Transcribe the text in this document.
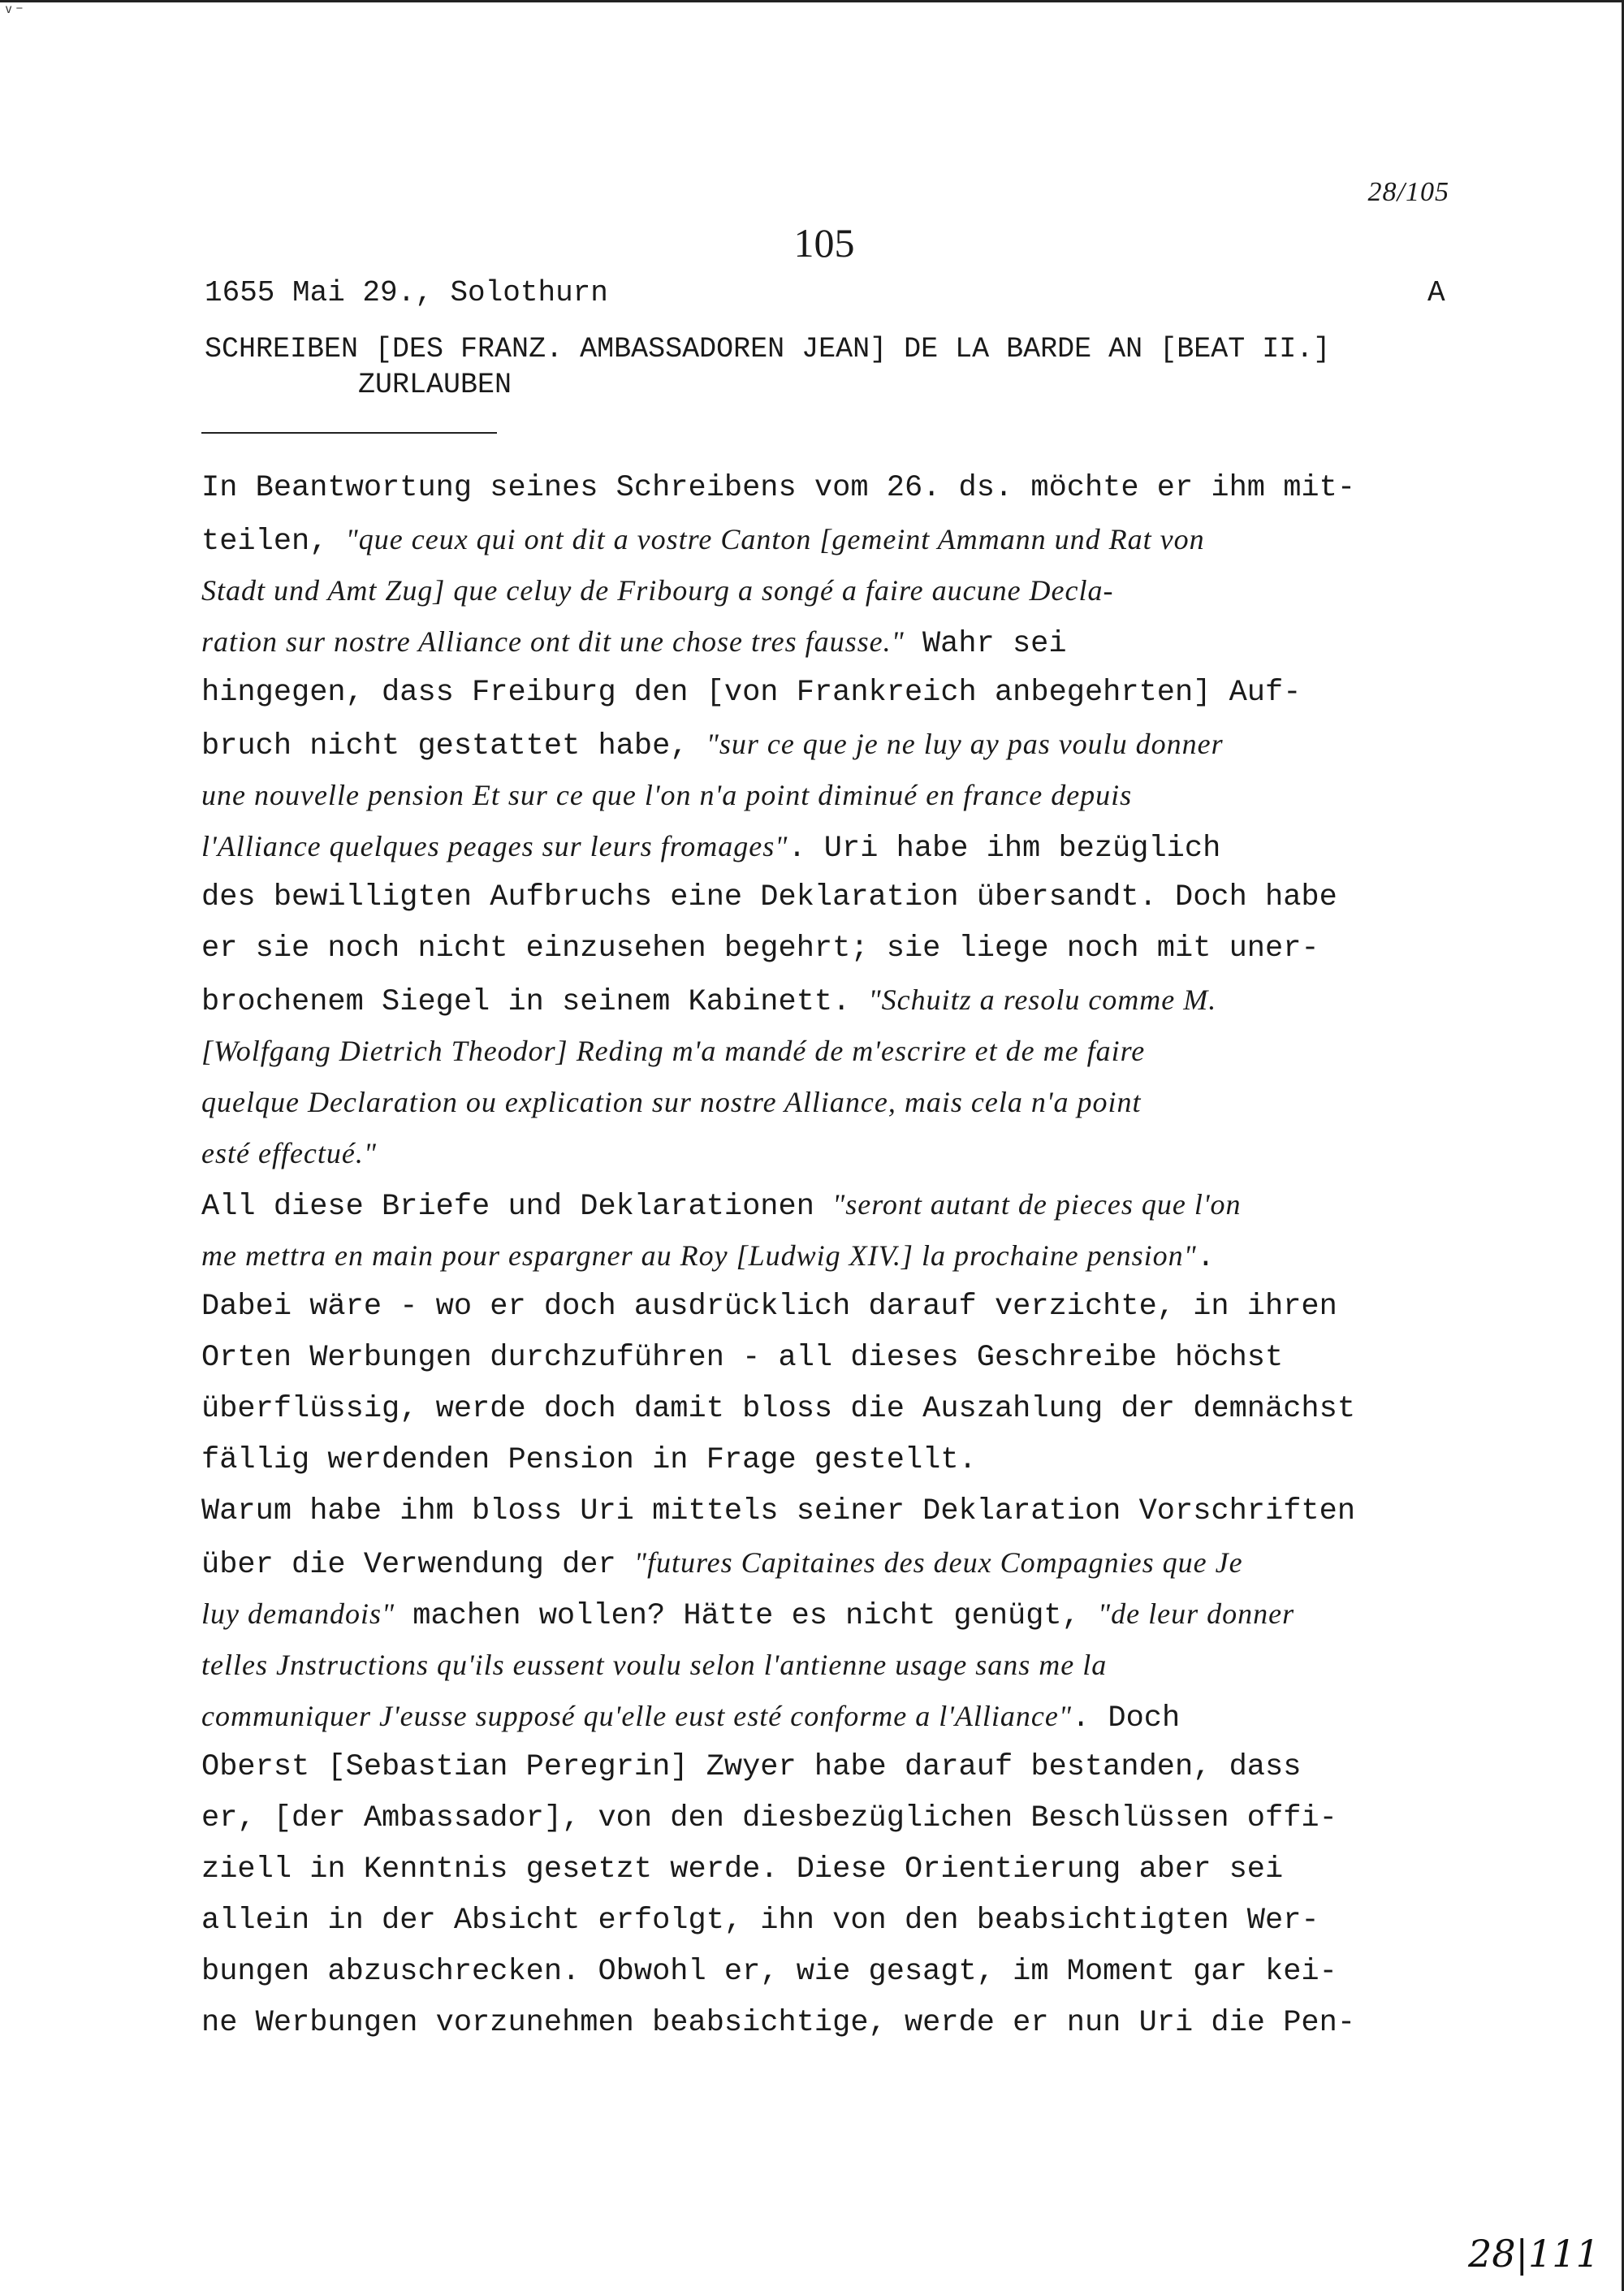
ᵛ⁻
28/105
105
1655 Mai 29., Solothurn	A
SCHREIBEN [DES FRANZ. AMBASSADOREN JEAN] DE LA BARDE AN [BEAT II.]
ZURLAUBEN
In Beantwortung seines Schreibens vom 26. ds. möchte er ihm mit-
teilen, "que ceux qui ont dit a vostre Canton [gemeint Ammann und Rat von
Stadt und Amt Zug] que celuy de Fribourg a songé a faire aucune Decla-
ration sur nostre Alliance ont dit une chose tres fausse." Wahr sei
hingegen, dass Freiburg den [von Frankreich anbegehrten] Auf-
bruch nicht gestattet habe, "sur ce que je ne luy ay pas voulu donner
une nouvelle pension Et sur ce que l'on n'a point diminué en france depuis
l'Alliance quelques peages sur leurs fromages". Uri habe ihm bezüglich
des bewilligten Aufbruchs eine Deklaration übersandt. Doch habe
er sie noch nicht einzusehen begehrt; sie liege noch mit uner-
brochenem Siegel in seinem Kabinett. "Schuitz a resolu comme M.
[Wolfgang Dietrich Theodor] Reding m'a mandé de m'escrire et de me faire
quelque Declaration ou explication sur nostre Alliance, mais cela n'a point
esté effectué."
All diese Briefe und Deklarationen "seront autant de pieces que l'on
me mettra en main pour espargner au Roy [Ludwig XIV.] la prochaine pension".
Dabei wäre - wo er doch ausdrücklich darauf verzichte, in ihren
Orten Werbungen durchzuführen - all dieses Geschreibe höchst
überflüssig, werde doch damit bloss die Auszahlung der demnächst
fällig werdenden Pension in Frage gestellt.
Warum habe ihm bloss Uri mittels seiner Deklaration Vorschriften
über die Verwendung der "futures Capitaines des deux Compagnies que Je
luy demandois" machen wollen? Hätte es nicht genügt, "de leur donner
telles Jnstructions qu'ils eussent voulu selon l'antienne usage sans me la
communiquer J'eusse supposé qu'elle eust esté conforme a l'Alliance". Doch
Oberst [Sebastian Peregrin] Zwyer habe darauf bestanden, dass
er, [der Ambassador], von den diesbezüglichen Beschlüssen offi-
ziell in Kenntnis gesetzt werde. Diese Orientierung aber sei
allein in der Absicht erfolgt, ihn von den beabsichtigten Wer-
bungen abzuschrecken. Obwohl er, wie gesagt, im Moment gar kei-
ne Werbungen vorzunehmen beabsichtige, werde er nun Uri die Pen-
28|111
